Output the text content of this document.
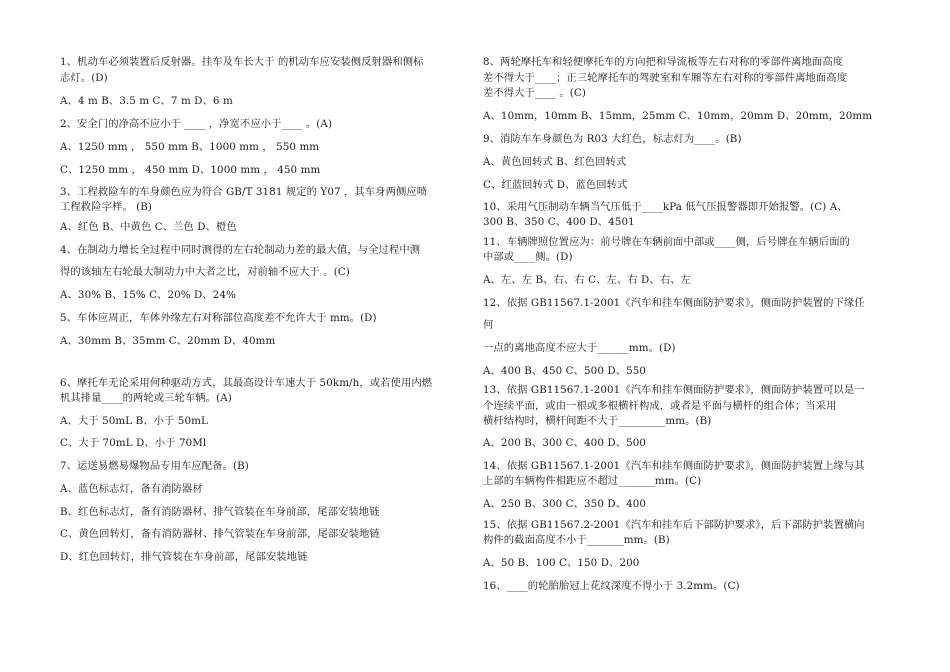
1、机动车必须装置后反射器。挂车及车长大于 的机动车应安装侧反射器和侧标
志灯。(D)
A、4 m B、3.5 m C、7 m D、6 m
2、安全门的净高不应小于 ____ ，净宽不应小于____ 。(A)
A、1250 mm ， 550 mm B、1000 mm ， 550 mm
C、1250 mm ， 450 mm D、1000 mm ， 450 mm
3、工程救险车的车身颜色应为符合 GB/T 3181 规定的 Y07 ，其车身两侧应喷
工程救险字样。 (B)
A、红色 B、中黄色 C、兰色 D、橙色
4、在制动力增长全过程中同时测得的左右轮制动力差的最大值，与全过程中测
得的该轴左右轮最大制动力中大者之比，对前轴不应大于 。(C)
A、30% B、15% C、20% D、24%
5、车体应周正，车体外缘左右对称部位高度差不允许大于 mm。(D)
A、30mm B、35mm C、20mm D、40mm
6、摩托车无论采用何种驱动方式，其最高设计车速大于 50km/h，或若使用内燃
机其排量____的两轮或三轮车辆。(A)
A、大于 50mL B、小于 50mL
C、大于 70mL D、小于 70Ml
7、运送易燃易爆物品专用车应配备。(B)
A、蓝色标志灯，备有消防器材
B、红色标志灯，备有消防器材、排气管装在车身前部，尾部安装地链
C、黄色回转灯，备有消防器材、排气管装在车身前部，尾部安装地链
D、红色回转灯，排气管装在车身前部，尾部安装地链
8、两轮摩托车和轻便摩托车的方向把和导流板等左右对称的零部件离地面高度
差不得大于____；正三轮摩托车的驾驶室和车厢等左右对称的零部件离地面高度
差不得大于____ 。(C)
A、10mm，10mm B、15mm，25mm C、10mm，20mm D、20mm，20mm
9、消防车车身颜色为 R03 大红色，标志灯为____。(B)
A、黄色回转式 B、红色回转式
C、红蓝回转式 D、蓝色回转式
10、采用气压制动车辆当气压低于____kPa 低气压报警器即开始报警。(C) A、
300 B、350 C、400 D、4501
11、车辆牌照位置应为：前号牌在车辆前面中部或____侧，后号牌在车辆后面的
中部或____侧。(D)
A、左、左 B、右、右 C、左、右 D、右、左
12、依据 GB11567.1-2001《汽车和挂车侧面防护要求》，侧面防护装置的下缘任
何
一点的离地高度不应大于______mm。(D)
A、400 B、450 C、500 D、550
13、依据 GB11567.1-2001《汽车和挂车侧面防护要求》，侧面防护装置可以是一
个连续平面，或由一根或多根横杆构成，或者是平面与横杆的组合体；当采用
横杆结构时，横杆间距不大于_________mm。(B)
A、200 B、300 C、400 D、500
14、依据 GB11567.1-2001《汽车和挂车侧面防护要求》，侧面防护装置上缘与其
上部的车辆构件相距应不超过_______mm。(C)
A、250 B、300 C、350 D、400
15、依据 GB11567.2-2001《汽车和挂车后下部防护要求》，后下部防护装置横向
构件的截面高度不小于_______mm。(B)
A、50 B、100 C、150 D、200
16、____的轮胎胎冠上花纹深度不得小于 3.2mm。(C)
